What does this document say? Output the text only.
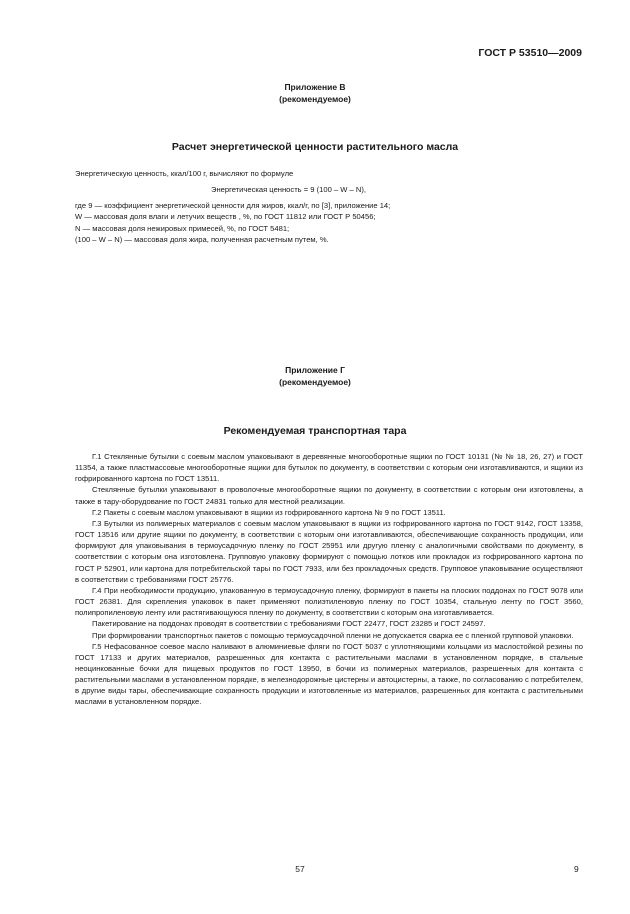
ГОСТ Р 53510—2009
Приложение В
(рекомендуемое)
Расчет энергетической ценности растительного масла

Энергетическую ценность, ккал/100 г, вычисляют по формуле

Энергетическая ценность = 9 (100 – W – N),

где 9 — коэффициент энергетической ценности для жиров, ккал/г, по [3], приложение 14;

W — массовая доля влаги и летучих веществ , %, по ГОСТ 11812 или ГОСТ Р 50456;

N — массовая доля нежировых примесей, %, по ГОСТ 5481;

(100 – W – N) — массовая доля жира, полученная расчетным путем, %.

Приложение Г
(рекомендуемое)
Рекомендуемая транспортная тара

Г.1 Стеклянные бутылки с соевым маслом упаковывают в деревянные многооборотные ящики по ГОСТ 10131 (№ № 18, 26, 27) и ГОСТ 11354, а также пластмассовые многооборотные ящики для бутылок по документу, в соответствии с которым они изготавливаются, и ящики из гофрированного картона по ГОСТ 13511.

Стеклянные бутылки упаковывают в проволочные многооборотные ящики по документу, в соответствии с которым они изготовлены, а также в тару-оборудование по ГОСТ 24831 только для местной реализации.

Г.2 Пакеты с соевым маслом упаковывают в ящики из гофрированного картона № 9 по ГОСТ 13511.

Г.3 Бутылки из полимерных материалов с соевым маслом упаковывают в ящики из гофрированного картона по ГОСТ 9142, ГОСТ 13358, ГОСТ 13516 или другие ящики по документу, в соответствии с которым они изготавливаются, обеспечивающие сохранность продукции, или формируют для упаковывания в термоусадочную пленку по ГОСТ 25951 или другую пленку с аналогичными свойствами по документу, в соответствии с которым она изготовлена. Групповую упаковку формируют с помощью лотков или прокладок из гофрированного картона по ГОСТ Р 52901, или картона для потребительской тары по ГОСТ 7933, или без прокладочных средств. Групповое упаковывание осуществляют в соответствии с требованиями ГОСТ 25776.

Г.4 При необходимости продукцию, упакованную в термоусадочную пленку, формируют в пакеты на плоских поддонах по ГОСТ 9078 или ГОСТ 26381. Для скрепления упаковок в пакет применяют полиэтиленовую пленку по ГОСТ 10354, стальную ленту по ГОСТ 3560, полипропиленовую ленту или растягивающуюся пленку по документу, в соответствии с которым она изготавливается.

Пакетирование на поддонах проводят в соответствии с требованиями ГОСТ 22477, ГОСТ 23285 и ГОСТ 24597.

При формировании транспортных пакетов с помощью термоусадочной пленки не допускается сварка ее с пленкой групповой упаковки.

Г.5 Нефасованное соевое масло наливают в алюминиевые фляги по ГОСТ 5037 с уплотняющими кольцами из маслостойкой резины по ГОСТ 17133 и других материалов, разрешенных для контакта с растительными маслами в установленном порядке, в стальные неоцинкованные бочки для пищевых продуктов по ГОСТ 13950, в бочки из полимерных материалов, разрешенных для контакта с растительными маслами в установленном порядке, в железнодорожные цистерны и автоцистерны, а также, по согласованию с потребителем, в другие виды тары, обеспечивающие сохранность продукции и изготовленные из материалов, разрешенных для контакта с растительными маслами в установленном порядке.

57	9
